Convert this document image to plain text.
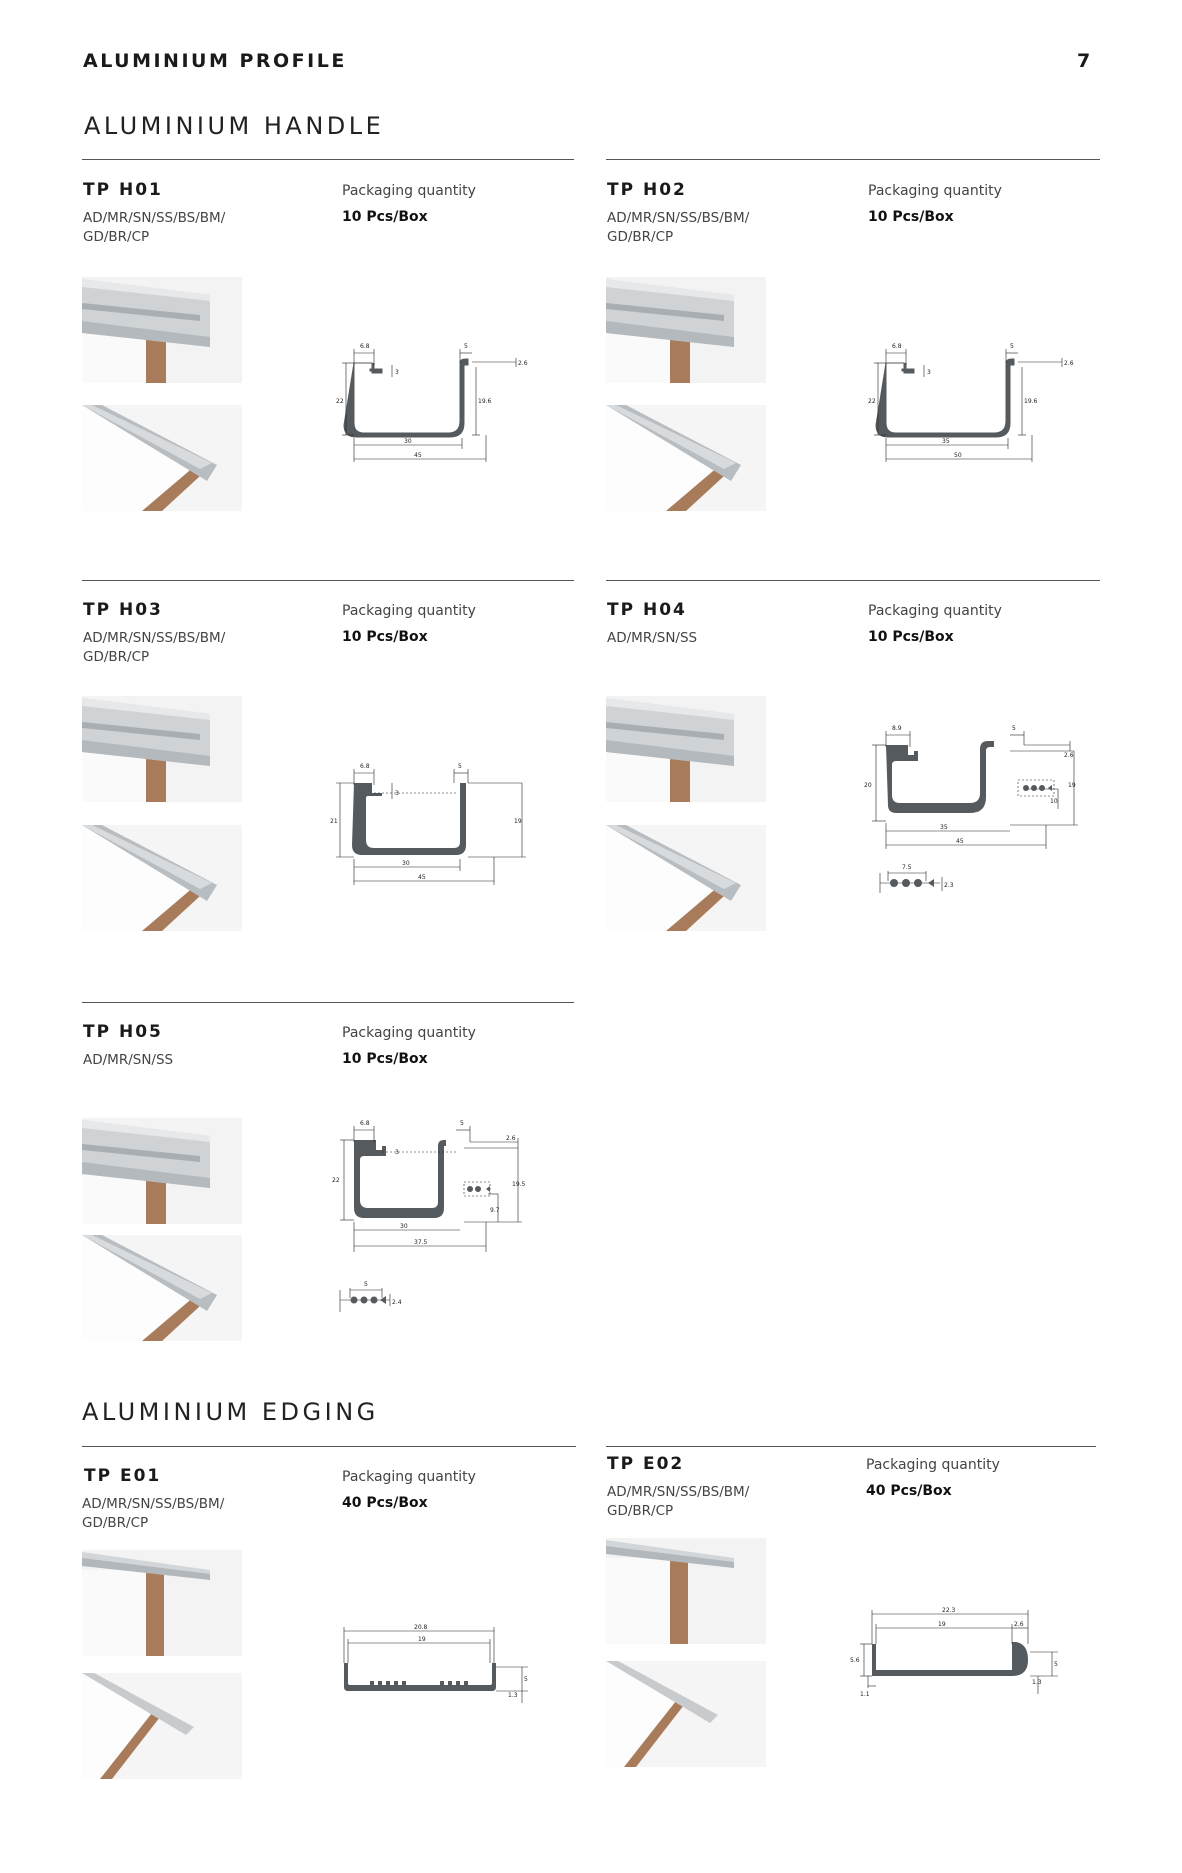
ALUMINIUM PROFILE	7
ALUMINIUM HANDLE
TP H01
AD/MR/SN/SS/BS/BM/
GD/BR/CP
Packaging quantity
10 Pcs/Box
6.8	5
3
2.6
22	19.6
30
45
TP H02
AD/MR/SN/SS/BS/BM/
GD/BR/CP
Packaging quantity
10 Pcs/Box
6.8	5
3
2.6
22	19.6
35
50
TP H03
AD/MR/SN/SS/BS/BM/
GD/BR/CP
Packaging quantity
10 Pcs/Box
6.8	5
3
21	19
30
45
TP H04
AD/MR/SN/SS
Packaging quantity
10 Pcs/Box
8.9	5
2.6
20	19
10
35
45
7.5
2.3
TP H05
AD/MR/SN/SS
Packaging quantity
10 Pcs/Box
6.8	5
3
2.6
22
19.5
9.7
30
37.5
5
2.4
ALUMINIUM EDGING
TP E01
AD/MR/SN/SS/BS/BM/
GD/BR/CP
Packaging quantity
40 Pcs/Box
20.8
19
5
1.3
TP E02
AD/MR/SN/SS/BS/BM/
GD/BR/CP
Packaging quantity
40 Pcs/Box
22.3
19	2.6
5.6
1.1
5
1.3
